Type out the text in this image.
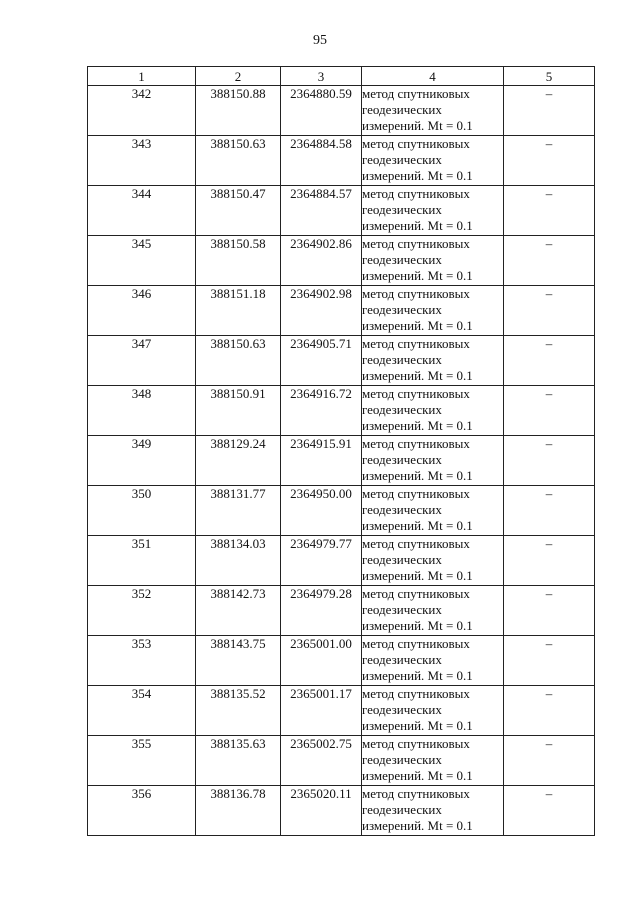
95
1	2	3	4	5
342	388150.88	2364880.59	метод спутниковых
геодезических
измерений. Mt = 0.1	–
343	388150.63	2364884.58	метод спутниковых
геодезических
измерений. Mt = 0.1	–
344	388150.47	2364884.57	метод спутниковых
геодезических
измерений. Mt = 0.1	–
345	388150.58	2364902.86	метод спутниковых
геодезических
измерений. Mt = 0.1	–
346	388151.18	2364902.98	метод спутниковых
геодезических
измерений. Mt = 0.1	–
347	388150.63	2364905.71	метод спутниковых
геодезических
измерений. Mt = 0.1	–
348	388150.91	2364916.72	метод спутниковых
геодезических
измерений. Mt = 0.1	–
349	388129.24	2364915.91	метод спутниковых
геодезических
измерений. Mt = 0.1	–
350	388131.77	2364950.00	метод спутниковых
геодезических
измерений. Mt = 0.1	–
351	388134.03	2364979.77	метод спутниковых
геодезических
измерений. Mt = 0.1	–
352	388142.73	2364979.28	метод спутниковых
геодезических
измерений. Mt = 0.1	–
353	388143.75	2365001.00	метод спутниковых
геодезических
измерений. Mt = 0.1	–
354	388135.52	2365001.17	метод спутниковых
геодезических
измерений. Mt = 0.1	–
355	388135.63	2365002.75	метод спутниковых
геодезических
измерений. Mt = 0.1	–
356	388136.78	2365020.11	метод спутниковых
геодезических
измерений. Mt = 0.1	–
